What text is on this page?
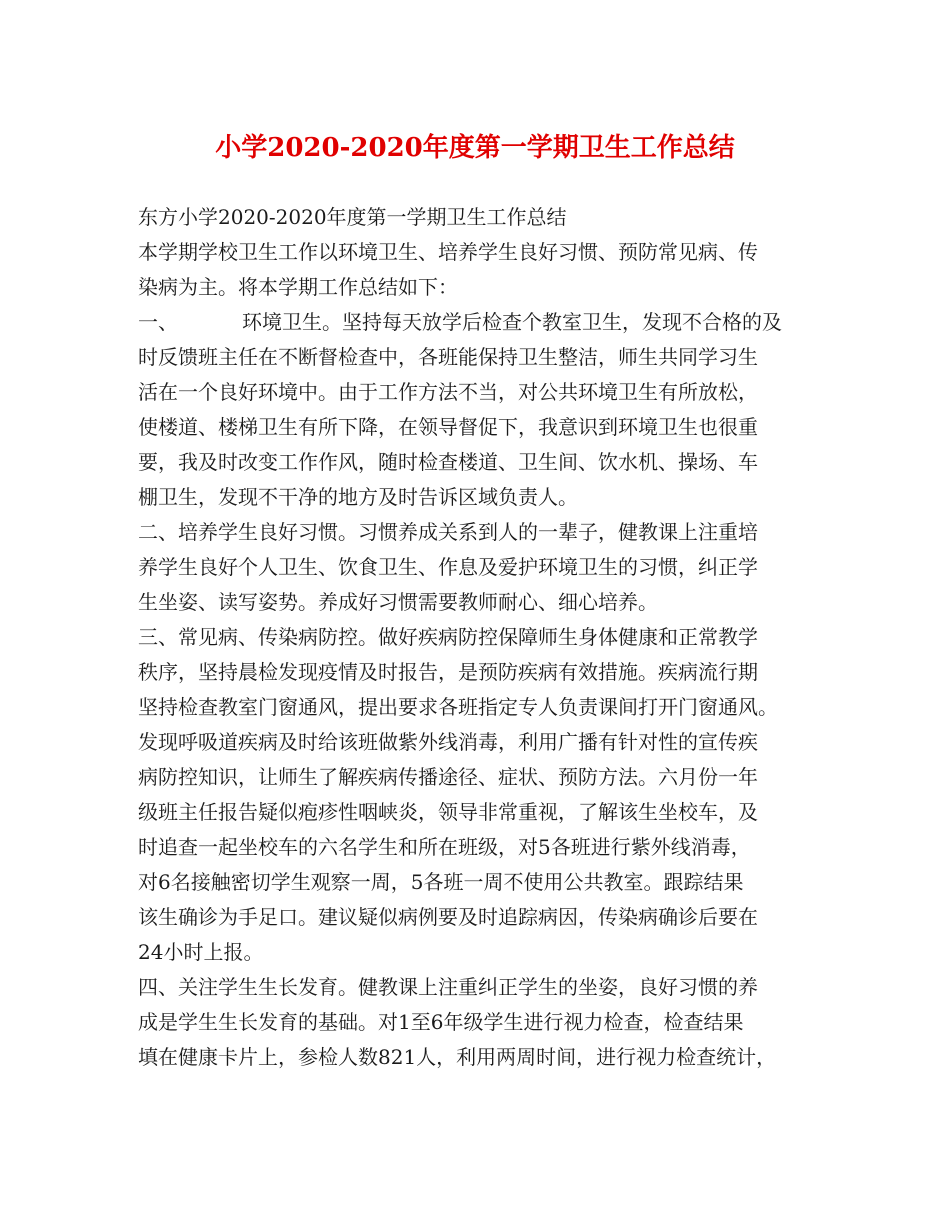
小学2020-2020年度第一学期卫生工作总结
东方小学2020-2020年度第一学期卫生工作总结
本学期学校卫生工作以环境卫生、培养学生良好习惯、预防常见病、传
染病为主。将本学期工作总结如下：
一、	环境卫生。坚持每天放学后检查个教室卫生，发现不合格的及
时反馈班主任在不断督检查中，各班能保持卫生整洁，师生共同学习生
活在一个良好环境中。由于工作方法不当，对公共环境卫生有所放松，
使楼道、楼梯卫生有所下降，在领导督促下，我意识到环境卫生也很重
要，我及时改变工作作风，随时检查楼道、卫生间、饮水机、操场、车
棚卫生，发现不干净的地方及时告诉区域负责人。
二、培养学生良好习惯。习惯养成关系到人的一辈子，健教课上注重培
养学生良好个人卫生、饮食卫生、作息及爱护环境卫生的习惯，纠正学
生坐姿、读写姿势。养成好习惯需要教师耐心、细心培养。
三、常见病、传染病防控。做好疾病防控保障师生身体健康和正常教学
秩序，坚持晨检发现疫情及时报告，是预防疾病有效措施。疾病流行期
坚持检查教室门窗通风，提出要求各班指定专人负责课间打开门窗通风。
发现呼吸道疾病及时给该班做紫外线消毒，利用广播有针对性的宣传疾
病防控知识，让师生了解疾病传播途径、症状、预防方法。六月份一年
级班主任报告疑似疱疹性咽峡炎，领导非常重视，了解该生坐校车，及
时追查一起坐校车的六名学生和所在班级，对5各班进行紫外线消毒，
对6名接触密切学生观察一周，5各班一周不使用公共教室。跟踪结果
该生确诊为手足口。建议疑似病例要及时追踪病因，传染病确诊后要在
24小时上报。
四、关注学生生长发育。健教课上注重纠正学生的坐姿，良好习惯的养
成是学生生长发育的基础。对1至6年级学生进行视力检查，检查结果
填在健康卡片上，参检人数821人，利用两周时间，进行视力检查统计，
